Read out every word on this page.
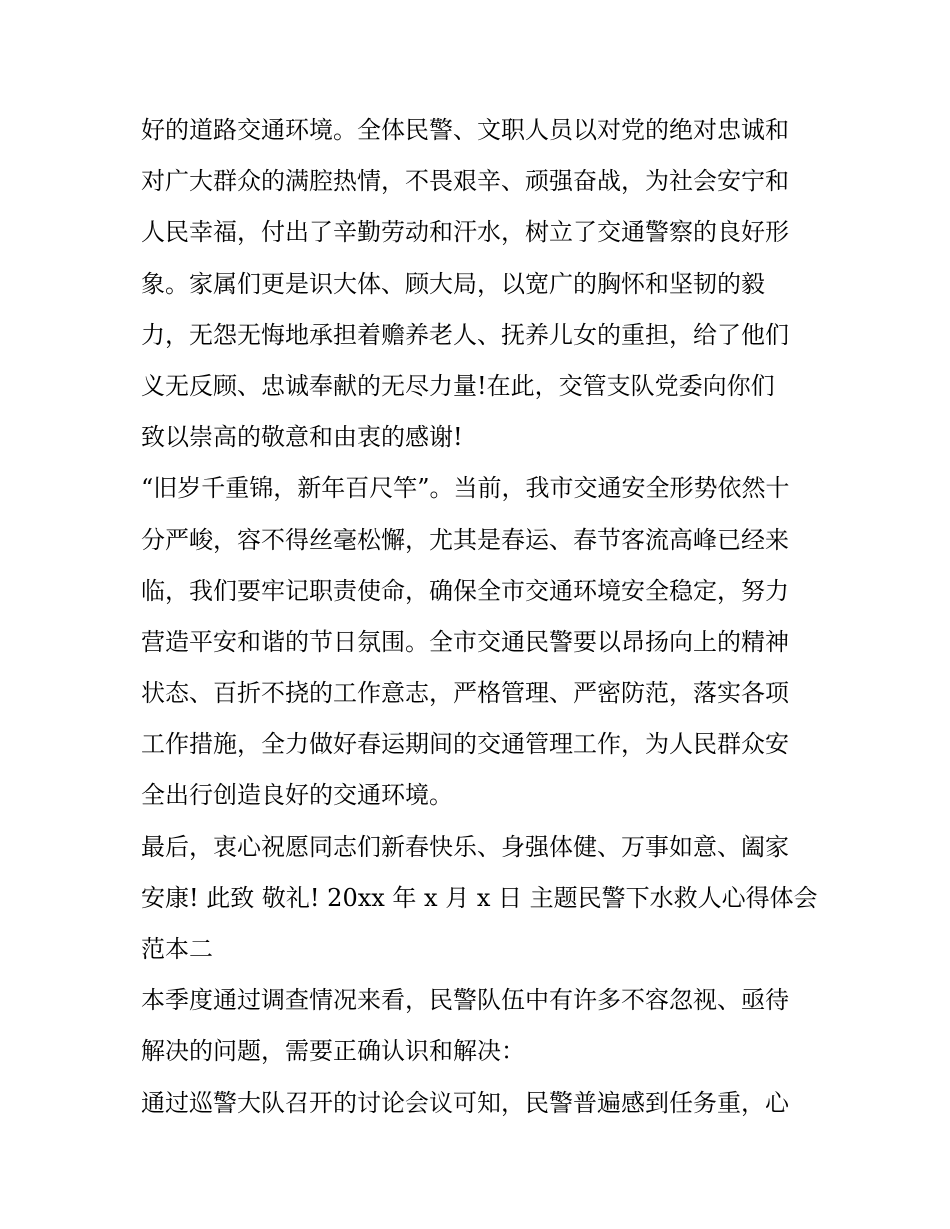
好的道路交通环境。全体民警、文职人员以对党的绝对忠诚和
对广大群众的满腔热情，不畏艰辛、顽强奋战，为社会安宁和
人民幸福，付出了辛勤劳动和汗水，树立了交通警察的良好形
象。家属们更是识大体、顾大局，以宽广的胸怀和坚韧的毅
力，无怨无悔地承担着赡养老人、抚养儿女的重担，给了他们
义无反顾、忠诚奉献的无尽力量!在此，交管支队党委向你们
致以崇高的敬意和由衷的感谢!
“旧岁千重锦，新年百尺竿”。当前，我市交通安全形势依然十
分严峻，容不得丝毫松懈，尤其是春运、春节客流高峰已经来
临，我们要牢记职责使命，确保全市交通环境安全稳定，努力
营造平安和谐的节日氛围。全市交通民警要以昂扬向上的精神
状态、百折不挠的工作意志，严格管理、严密防范，落实各项
工作措施，全力做好春运期间的交通管理工作，为人民群众安
全出行创造良好的交通环境。
最后，衷心祝愿同志们新春快乐、身强体健、万事如意、阖家
安康! 此致 敬礼! 20xx 年 x 月 x 日 主题民警下水救人心得体会
范本二
本季度通过调查情况来看，民警队伍中有许多不容忽视、亟待
解决的问题，需要正确认识和解决：
通过巡警大队召开的讨论会议可知，民警普遍感到任务重，心
